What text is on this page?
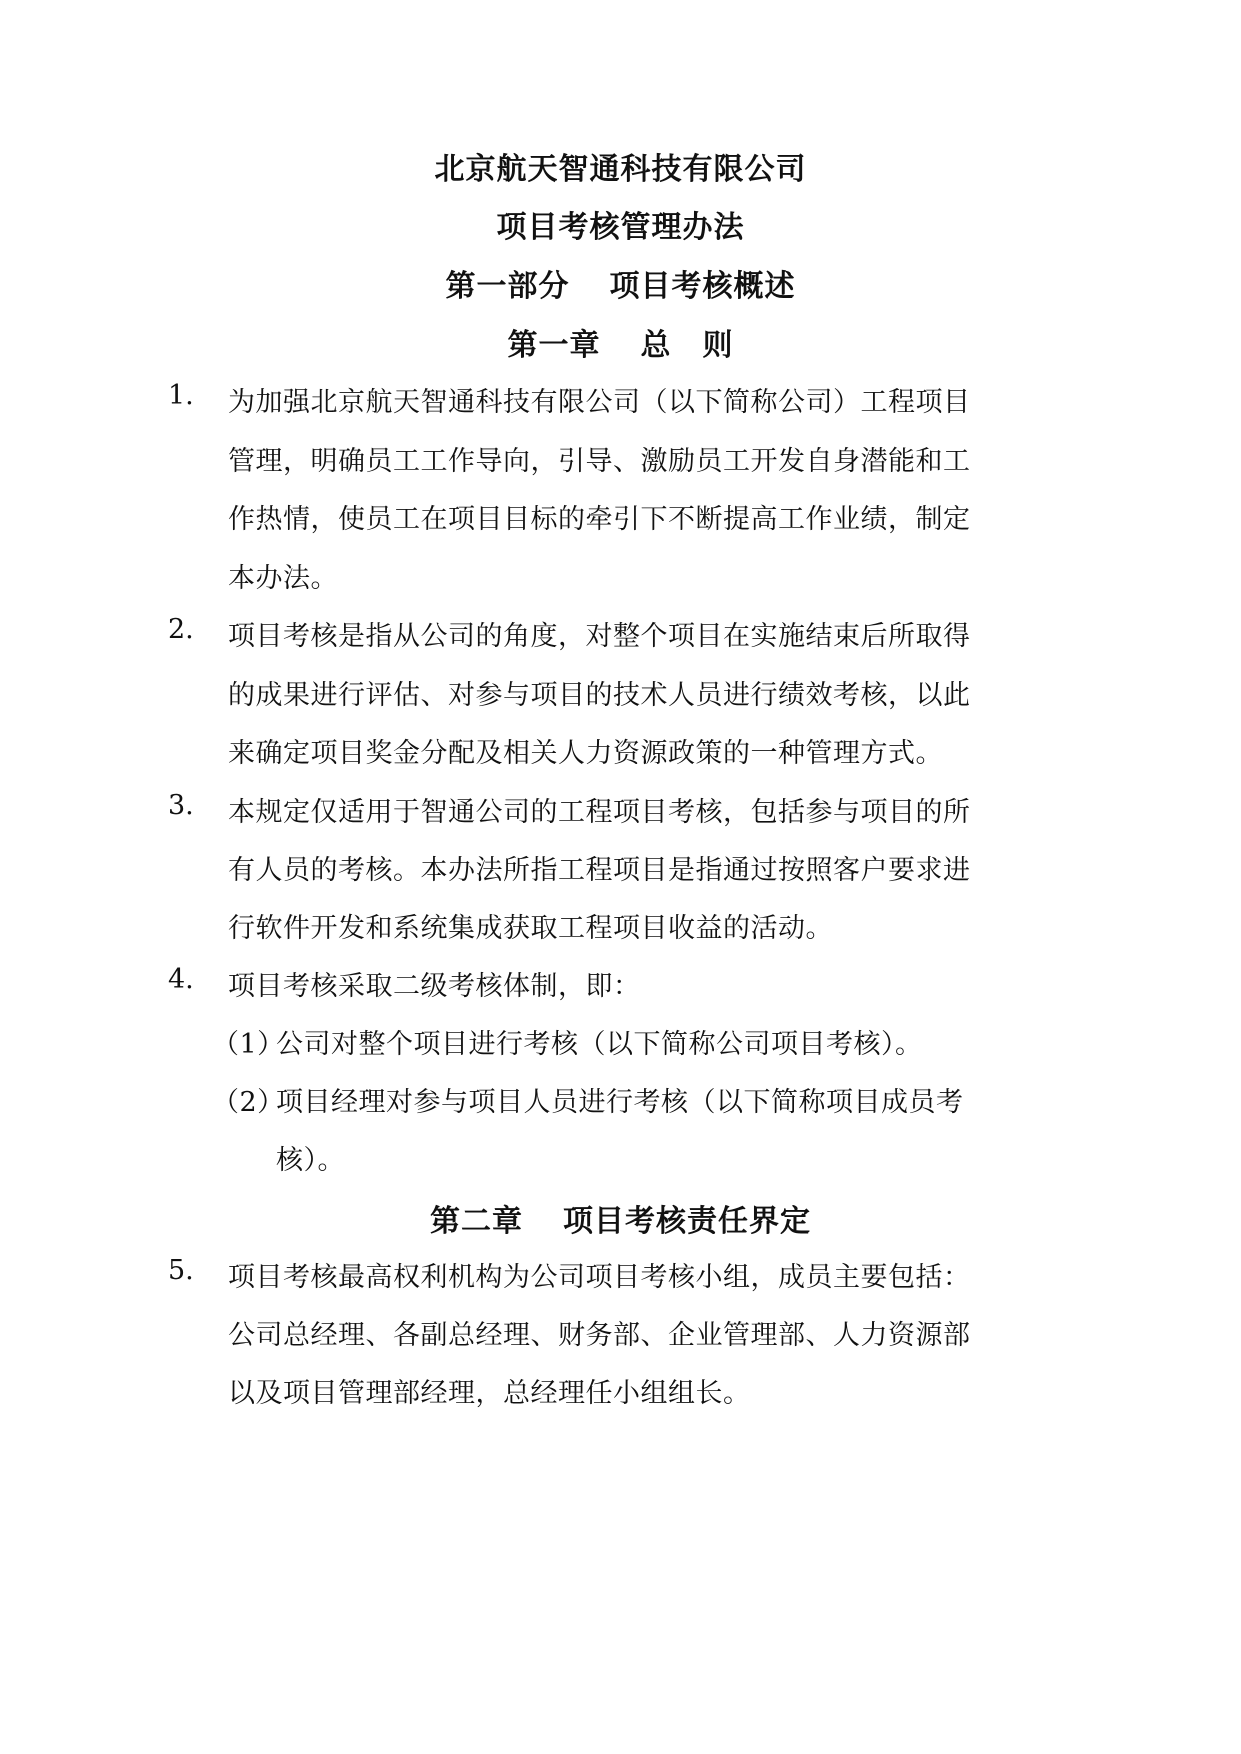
北京航天智通科技有限公司
项目考核管理办法
第一部分 项目考核概述
第一章 总　则
1. 为加强北京航天智通科技有限公司（以下简称公司）工程项目
管理，明确员工工作导向，引导、激励员工开发自身潜能和工
作热情，使员工在项目目标的牵引下不断提高工作业绩，制定
本办法。
2. 项目考核是指从公司的角度，对整个项目在实施结束后所取得
的成果进行评估、对参与项目的技术人员进行绩效考核，以此
来确定项目奖金分配及相关人力资源政策的一种管理方式。
3. 本规定仅适用于智通公司的工程项目考核，包括参与项目的所
有人员的考核。本办法所指工程项目是指通过按照客户要求进
行软件开发和系统集成获取工程项目收益的活动。
4. 项目考核采取二级考核体制，即：
（1）
公司对整个项目进行考核（以下简称公司项目考核）。
（2）
项目经理对参与项目人员进行考核（以下简称项目成员考
核）。
第二章 项目考核责任界定
5. 项目考核最高权利机构为公司项目考核小组，成员主要包括：
公司总经理、各副总经理、财务部、企业管理部、人力资源部
以及项目管理部经理，总经理任小组组长。
